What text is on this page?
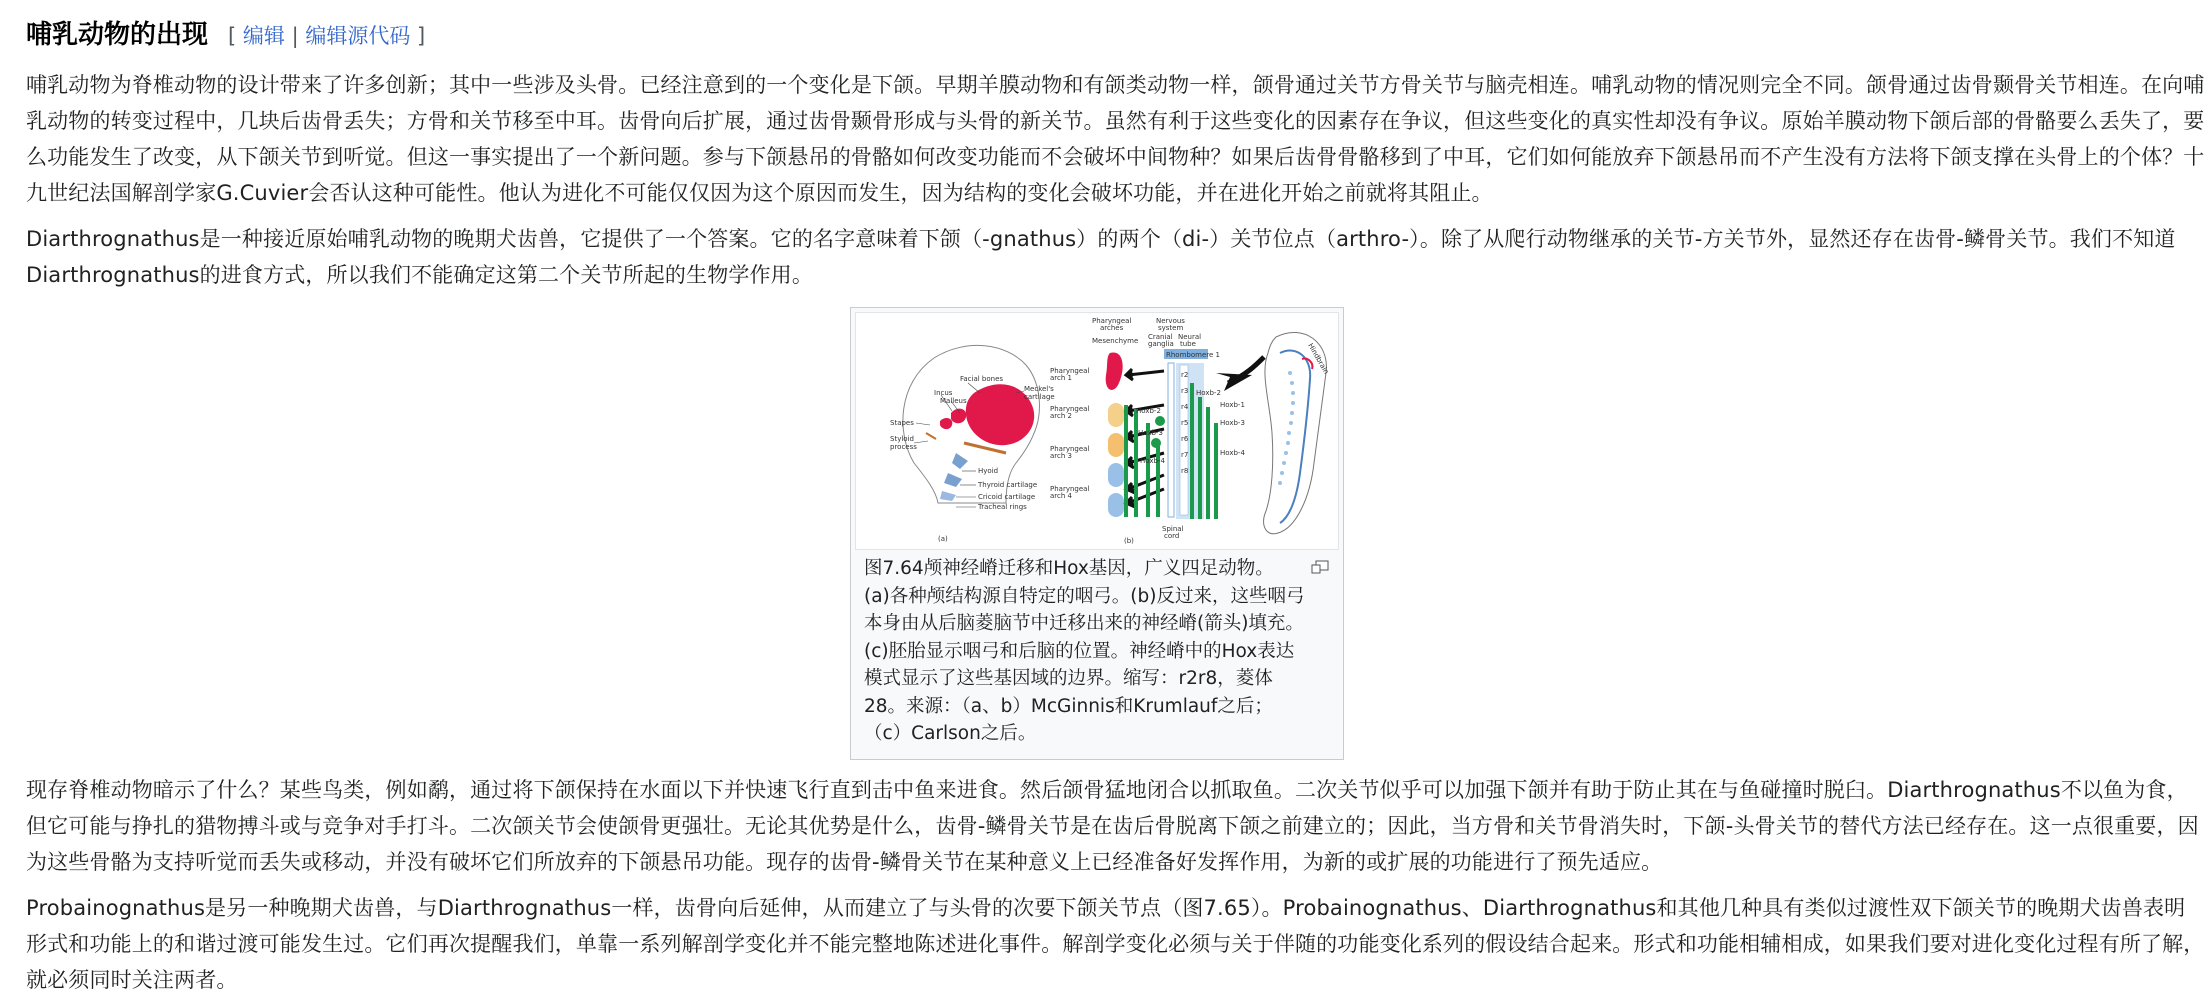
哺乳动物的出现 [ 编辑 | 编辑源代码 ]

哺乳动物为脊椎动物的设计带来了许多创新；其中一些涉及头骨。已经注意到的一个变化是下颌。早期羊膜动物和有颌类动物一样，颌骨通过关节方骨关节与脑壳相连。哺乳动物的情况则完全不同。颌骨通过齿骨颞骨关节相连。在向哺乳动物的转变过程中，几块后齿骨丢失；方骨和关节移至中耳。齿骨向后扩展，通过齿骨颞骨形成与头骨的新关节。虽然有利于这些变化的因素存在争议，但这些变化的真实性却没有争议。原始羊膜动物下颌后部的骨骼要么丢失了，要么功能发生了改变，从下颌关节到听觉。但这一事实提出了一个新问题。参与下颌悬吊的骨骼如何改变功能而不会破坏中间物种？如果后齿骨骨骼移到了中耳，它们如何能放弃下颌悬吊而不产生没有方法将下颌支撑在头骨上的个体？十九世纪法国解剖学家G.Cuvier会否认这种可能性。他认为进化不可能仅仅因为这个原因而发生，因为结构的变化会破坏功能，并在进化开始之前就将其阻止。

Diarthrognathus是一种接近原始哺乳动物的晚期犬齿兽，它提供了一个答案。它的名字意味着下颌（-gnathus）的两个（di-）关节位点（arthro-）。除了从爬行动物继承的关节-方关节外，显然还存在齿骨-鳞骨关节。我们不知道Diarthrognathus的进食方式，所以我们不能确定这第二个关节所起的生物学作用。

Facial bones
Incus
Malleus
Meckel's
cartilage
Stapes
Styloid
process
Hyoid
Thyroid cartilage
Cricoid cartilage
Tracheal rings
(a)
Pharyngeal
arches
Nervous
system
Mesenchyme Cranial
ganglia
Neural
tube
Rhombomere 1
Pharyngeal
arch 1
Pharyngeal
arch 2
Pharyngeal
arch 3
Pharyngeal
arch 4
r2
r3
r4
r5
r6
r7
r8
Hoxb-2
Hoxb-3
Hoxb-4
Hoxb-2
Hoxb-1
Hoxb-3
Hoxb-4
Spinal
cord
(b)
Hindbrain
图7.64颅神经嵴迁移和Hox基因，广义四足动物。
(a)各种颅结构源自特定的咽弓。(b)反过来，这些咽弓
本身由从后脑菱脑节中迁移出来的神经嵴(箭头)填充。
(c)胚胎显示咽弓和后脑的位置。神经嵴中的Hox表达
模式显示了这些基因域的边界。缩写：r2r8，菱体
28。来源：（a、b）McGinnis和Krumlauf之后；
（c）Carlson之后。

现存脊椎动物暗示了什么？某些鸟类，例如鹬，通过将下颌保持在水面以下并快速飞行直到击中鱼来进食。然后颌骨猛地闭合以抓取鱼。二次关节似乎可以加强下颌并有助于防止其在与鱼碰撞时脱臼。Diarthrognathus不以鱼为食，但它可能与挣扎的猎物搏斗或与竞争对手打斗。二次颌关节会使颌骨更强壮。无论其优势是什么，齿骨-鳞骨关节是在齿后骨脱离下颌之前建立的；因此，当方骨和关节骨消失时，下颌-头骨关节的替代方法已经存在。这一点很重要，因为这些骨骼为支持听觉而丢失或移动，并没有破坏它们所放弃的下颌悬吊功能。现存的齿骨-鳞骨关节在某种意义上已经准备好发挥作用，为新的或扩展的功能进行了预先适应。

Probainognathus是另一种晚期犬齿兽，与Diarthrognathus一样，齿骨向后延伸，从而建立了与头骨的次要下颌关节点（图7.65）。Probainognathus、Diarthrognathus和其他几种具有类似过渡性双下颌关节的晚期犬齿兽表明形式和功能上的和谐过渡可能发生过。它们再次提醒我们，单靠一系列解剖学变化并不能完整地陈述进化事件。解剖学变化必须与关于伴随的功能变化系列的假设结合起来。形式和功能相辅相成，如果我们要对进化变化过程有所了解，就必须同时关注两者。
